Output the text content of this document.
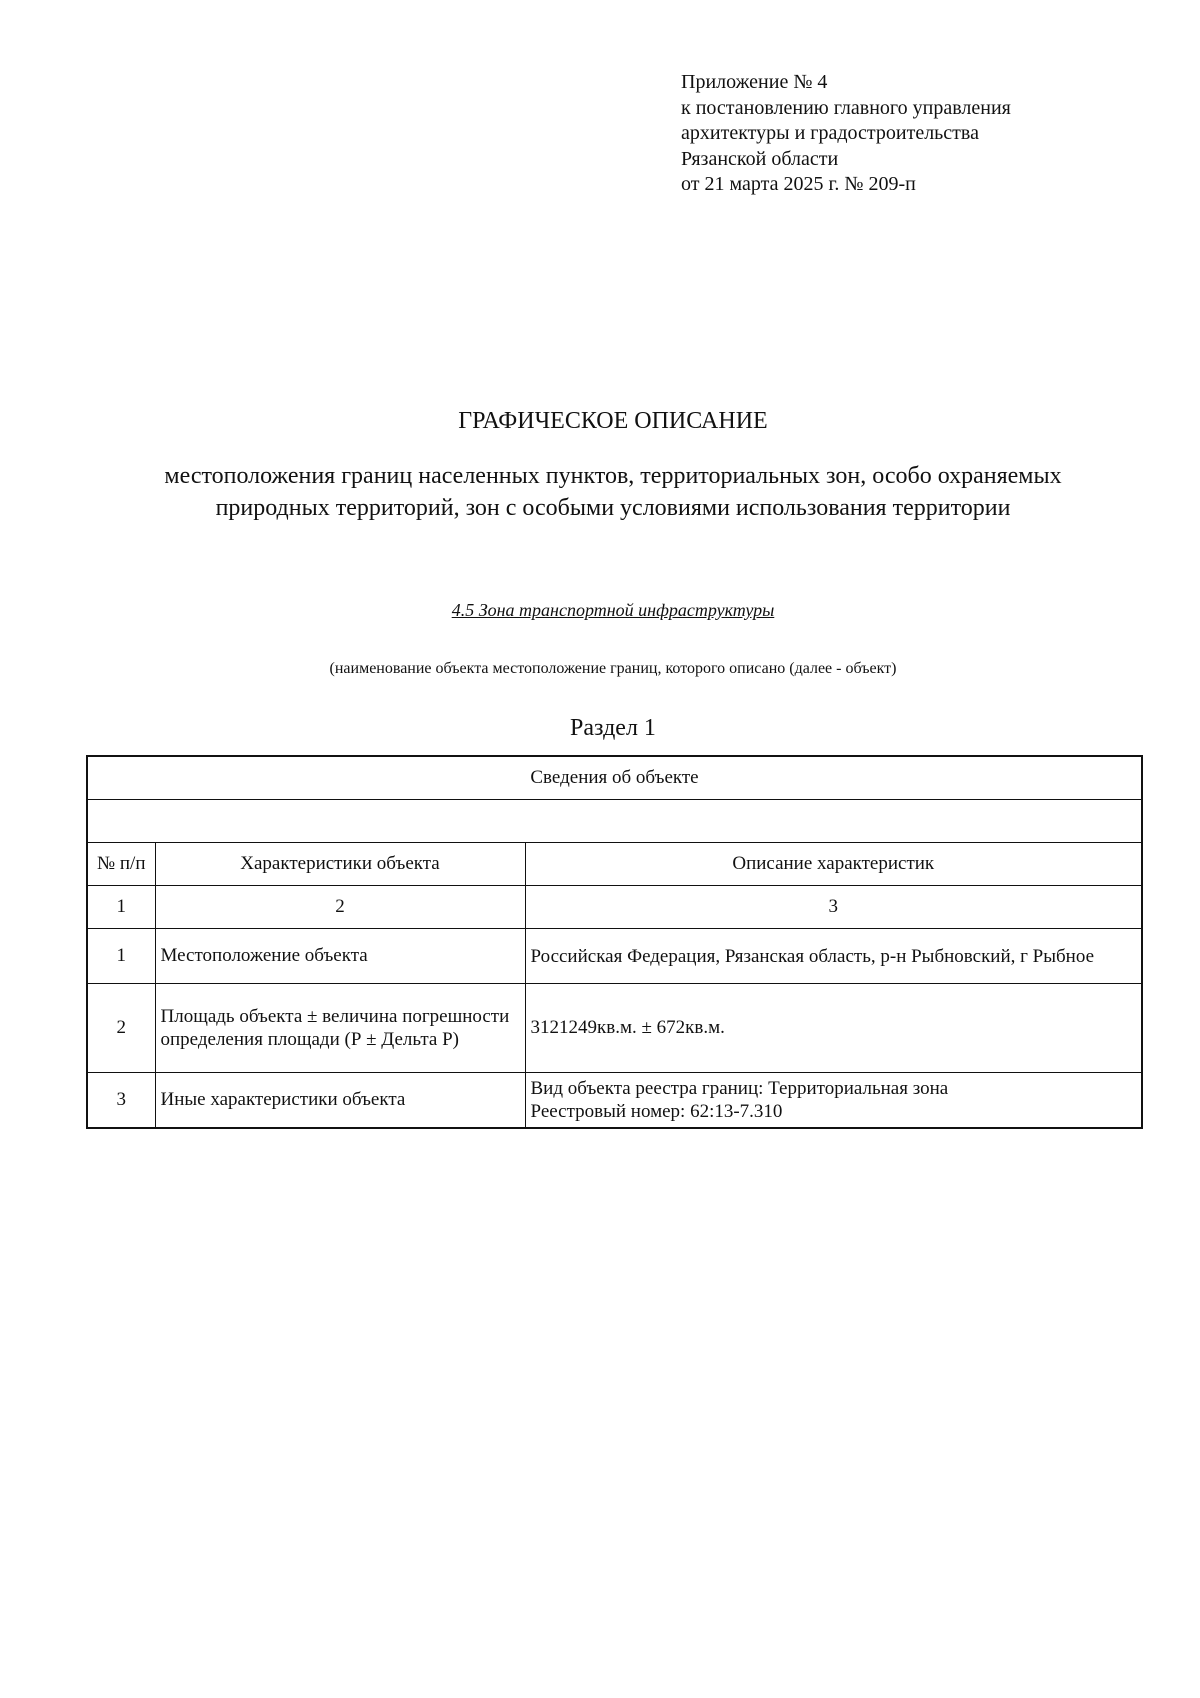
Приложение № 4
к постановлению главного управления
архитектуры и градостроительства
Рязанской области
от 21 марта 2025 г. № 209-п
ГРАФИЧЕСКОЕ ОПИСАНИЕ
местоположения границ населенных пунктов, территориальных зон, особо охраняемых природных территорий, зон с особыми условиями использования территории
4.5 Зона транспортной инфраструктуры
(наименование объекта местоположение границ, которого описано (далее - объект)
Раздел 1
Сведения об объекте		

№ п/п	Характеристики объекта	Описание характеристик
1	2	3
1	Местоположение объекта	Российская Федерация, Рязанская область, р-н Рыбновский, г Рыбное
2	Площадь объекта ± величина погрешности определения площади (Р ± Дельта Р)	3121249кв.м. ± 672кв.м.
3	Иные характеристики объекта	Вид объекта реестра границ: Территориальная зона
Реестровый номер: 62:13-7.310
